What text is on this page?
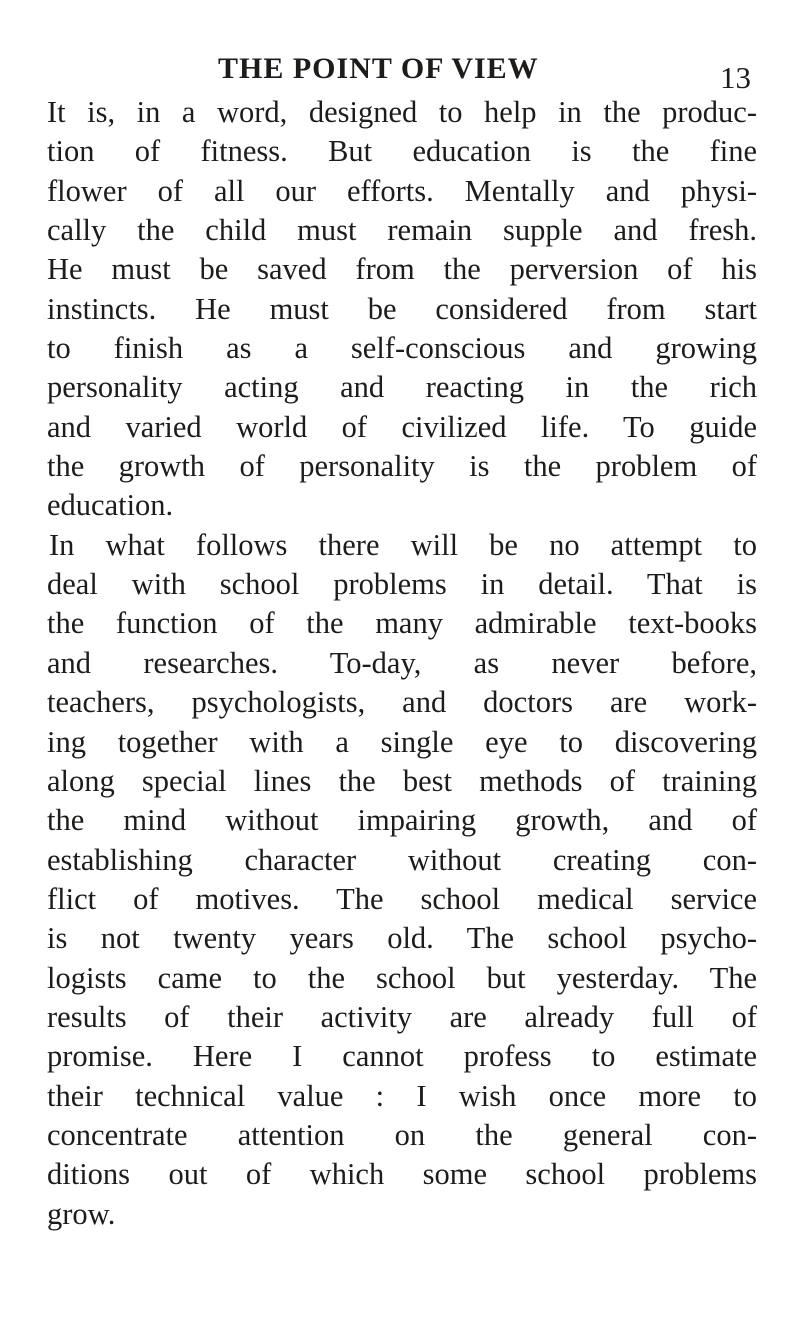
THE POINT OF VIEW	13
It is, in a word, designed to help in the produc-
tion of fitness. But education is the fine
flower of all our efforts. Mentally and physi-
cally the child must remain supple and fresh.
He must be saved from the perversion of his
instincts. He must be considered from start
to finish as a self-conscious and growing
personality acting and reacting in the rich
and varied world of civilized life. To guide
the growth of personality is the problem of
education.
In what follows there will be no attempt to
deal with school problems in detail. That is
the function of the many admirable text-books
and researches. To-day, as never before,
teachers, psychologists, and doctors are work-
ing together with a single eye to discovering
along special lines the best methods of training
the mind without impairing growth, and of
establishing character without creating con-
flict of motives. The school medical service
is not twenty years old. The school psycho-
logists came to the school but yesterday. The
results of their activity are already full of
promise. Here I cannot profess to estimate
their technical value : I wish once more to
concentrate attention on the general con-
ditions out of which some school problems
grow.
